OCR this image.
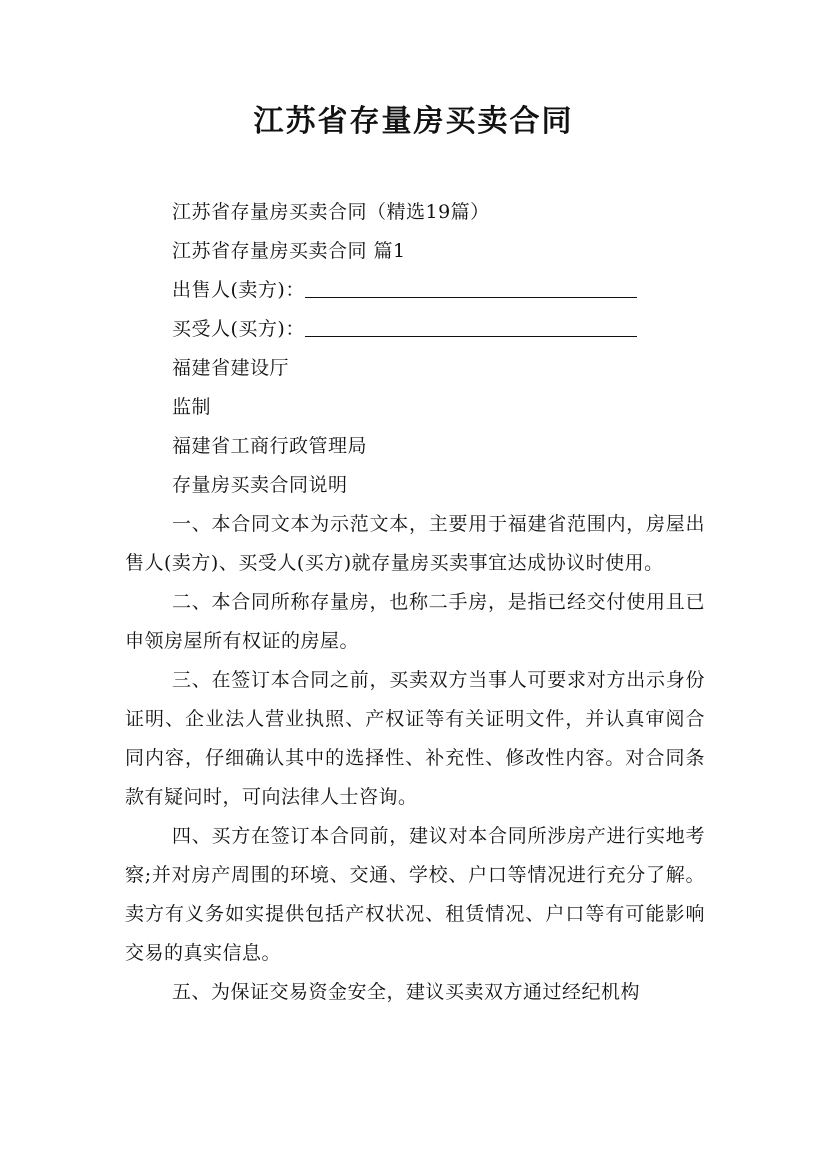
江苏省存量房买卖合同

江苏省存量房买卖合同（精选19篇）

江苏省存量房买卖合同 篇1

出售人(卖方)：

买受人(买方)：

福建省建设厅

监制

福建省工商行政管理局

存量房买卖合同说明

一、本合同文本为示范文本，主要用于福建省范围内，房屋出售人(卖方)、买受人(买方)就存量房买卖事宜达成协议时使用。

二、本合同所称存量房，也称二手房，是指已经交付使用且已申领房屋所有权证的房屋。

三、在签订本合同之前，买卖双方当事人可要求对方出示身份证明、企业法人营业执照、产权证等有关证明文件，并认真审阅合同内容，仔细确认其中的选择性、补充性、修改性内容。对合同条款有疑问时，可向法律人士咨询。

四、买方在签订本合同前，建议对本合同所涉房产进行实地考察;并对房产周围的环境、交通、学校、户口等情况进行充分了解。卖方有义务如实提供包括产权状况、租赁情况、户口等有可能影响交易的真实信息。

五、为保证交易资金安全，建议买卖双方通过经纪机构
